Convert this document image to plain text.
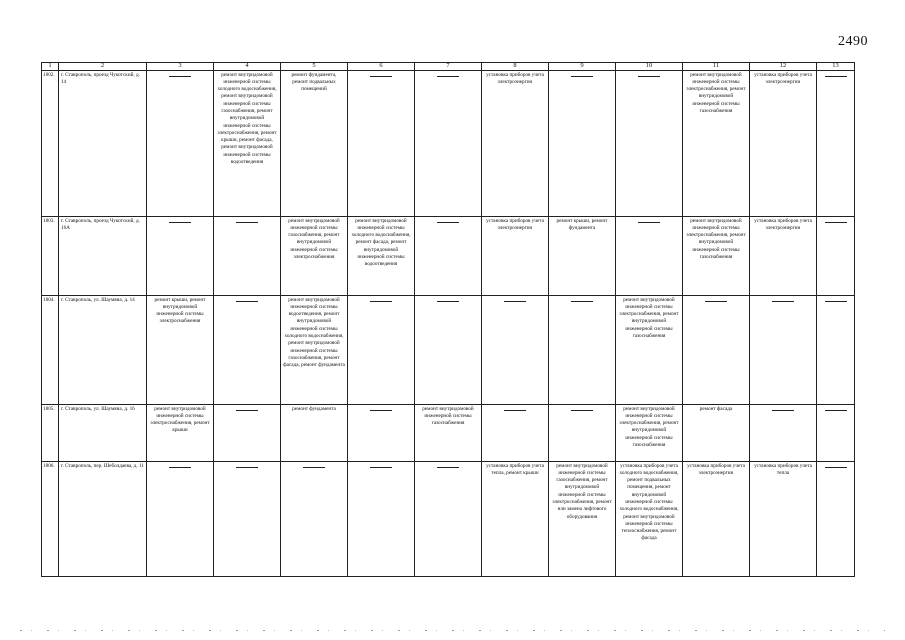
2490
1	2	3	4	5	6	7	8	9	10	11	12	13
1802.	г. Ставрополь, проезд Чукотский, д. 14		ремонт внутридомовой инженерной системы холодного водоснабжения, ремонт внутридомовой инженерной системы газоснабжения, ремонт внутридомовой инженерной системы электроснабжения, ремонт крыши, ремонт фасада, ремонт внутридомовой инженерной системы водоотведения	ремонт фундамента, ремонт подвальных помещений			установка приборов учета электроэнергии			ремонт внутридомовой инженерной системы электроснабжения, ремонт внутридомовой инженерной системы газоснабжения	установка приборов учета электроэнергии	
1803.	г. Ставрополь, проезд Чукотский, д. 16А			ремонт внутридомовой инженерной системы газоснабжения, ремонт внутридомовой инженерной системы электроснабжения	ремонт внутридомовой инженерной системы холодного водоснабжения, ремонт фасада, ремонт внутридомовой инженерной системы водоотведения		установка приборов учета электроэнергии	ремонт крыши, ремонт фундамента		ремонт внутридомовой инженерной системы электроснабжения, ремонт внутридомовой инженерной системы газоснабжения	установка приборов учета электроэнергии	
1804.	г. Ставрополь, ул. Шаумяна, д. 14	ремонт крыши, ремонт внутридомовой инженерной системы электроснабжения		ремонт внутридомовой инженерной системы водоотведения, ремонт внутридомовой инженерной системы холодного водоснабжения, ремонт внутридомовой инженерной системы газоснабжения, ремонт фасада, ремонт фундамента					ремонт внутридомовой инженерной системы электроснабжения, ремонт внутридомовой инженерной системы газоснабжения			
1805.	г. Ставрополь, ул. Шаумяна, д. 16	ремонт внутридомовой инженерной системы электроснабжения, ремонт крыши		ремонт фундамента		ремонт внутридомовой инженерной системы газоснабжения			ремонт внутридомовой инженерной системы электроснабжения, ремонт внутридомовой инженерной системы газоснабжения	ремонт фасада		
1806.	г. Ставрополь, пер. Шеболдаева, д. 11						установка приборов учета тепла, ремонт крыши	ремонт внутридомовой инженерной системы газоснабжения, ремонт внутридомовой инженерной системы электроснабжения, ремонт или замена лифтового оборудования	установка приборов учета холодного водоснабжения, ремонт подвальных помещения, ремонт внутридомовой инженерной системы холодного водоснабжения, ремонт внутридомовой инженерной системы теплоснабжения, ремонт фасада	установка приборов учета электроэнергии	установка приборов учета тепла	
